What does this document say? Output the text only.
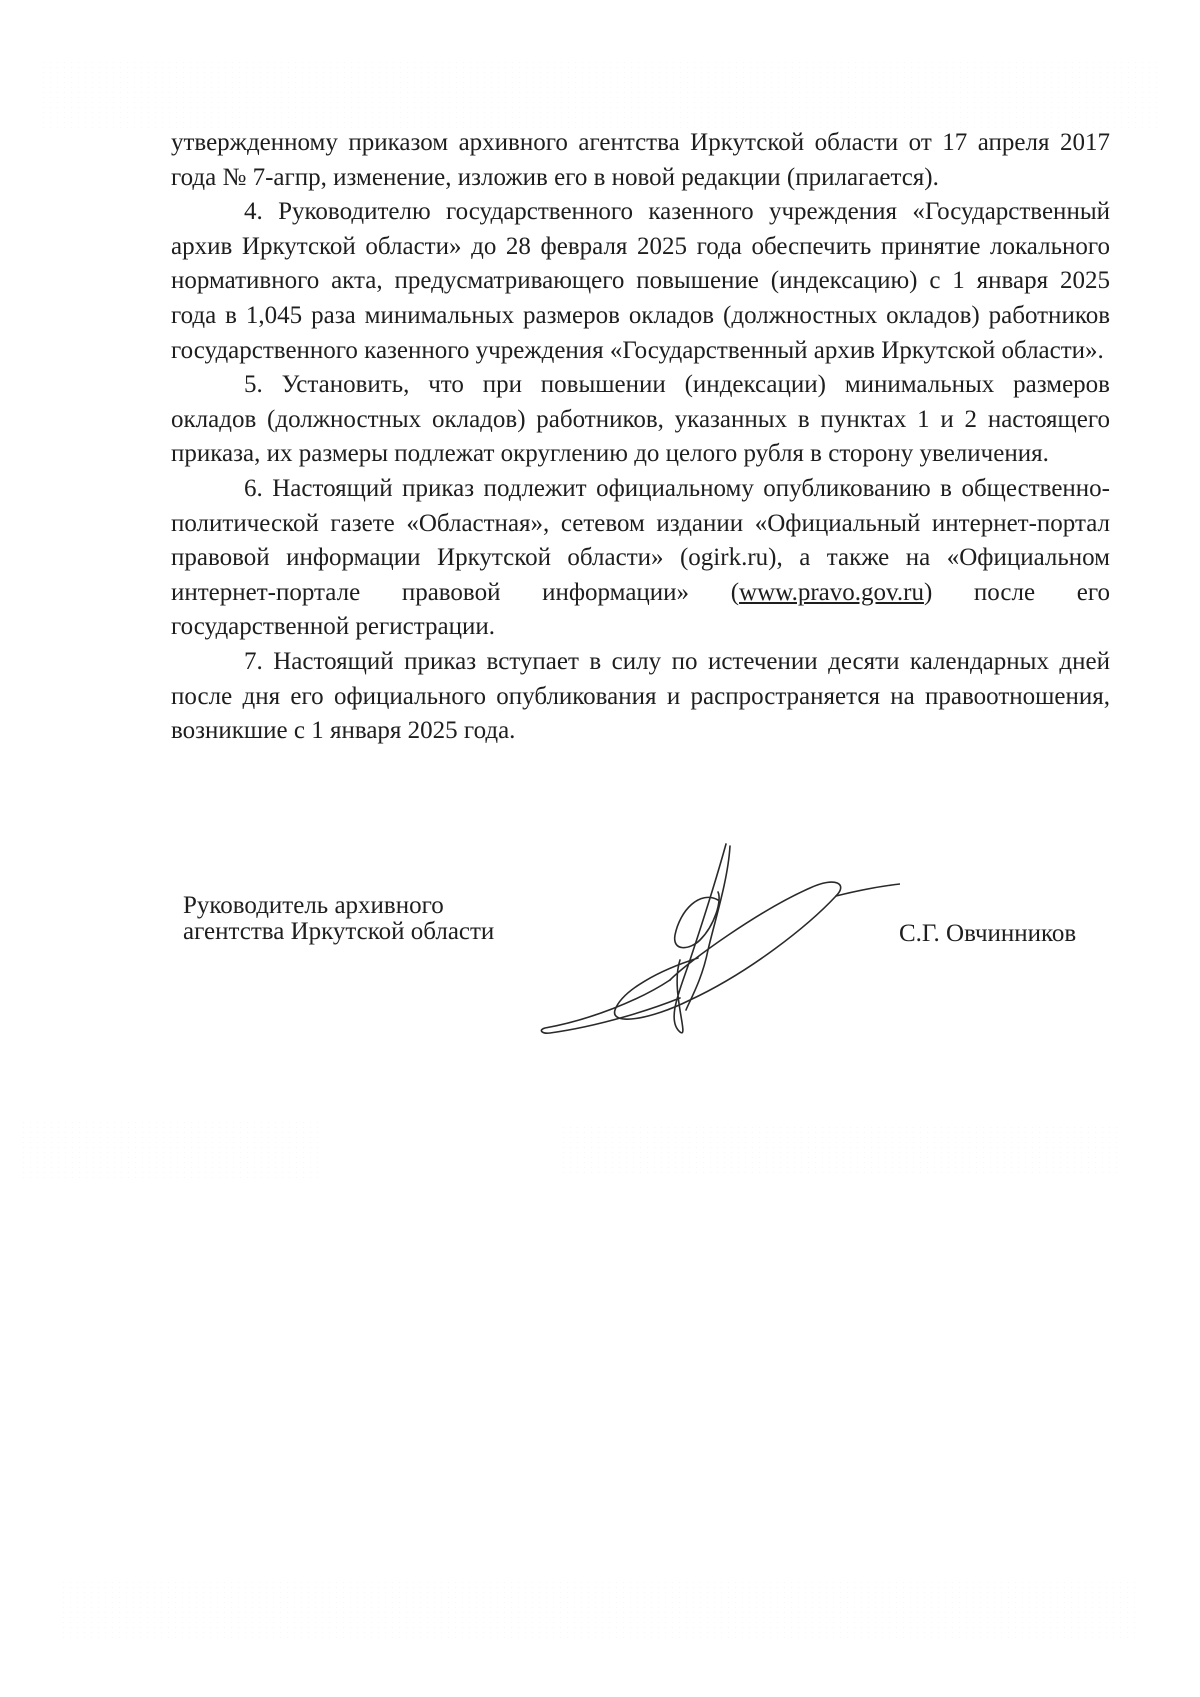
утвержденному приказом архивного агентства Иркутской области от 17 апреля 2017 года № 7-агпр, изменение, изложив его в новой редакции (прилагается).

4. Руководителю государственного казенного учреждения «Государственный архив Иркутской области» до 28 февраля 2025 года обеспечить принятие локального нормативного акта, предусматривающего повышение (индексацию) с 1 января 2025 года в 1,045 раза минимальных размеров окладов (должностных окладов) работников государственного казенного учреждения «Государственный архив Иркутской области».

5. Установить, что при повышении (индексации) минимальных размеров окладов (должностных окладов) работников, указанных в пунктах 1 и 2 настоящего приказа, их размеры подлежат округлению до целого рубля в сторону увеличения.

6. Настоящий приказ подлежит официальному опубликованию в общественно-политической газете «Областная», сетевом издании «Официальный интернет-портал правовой информации Иркутской области» (ogirk.ru), а также на «Официальном интернет-портале правовой информации» (www.pravo.gov.ru) после его государственной регистрации.

7. Настоящий приказ вступает в силу по истечении десяти календарных дней после дня его официального опубликования и распространяется на правоотношения, возникшие с 1 января 2025 года.

Руководитель архивного
агентства Иркутской области	С.Г. Овчинников
